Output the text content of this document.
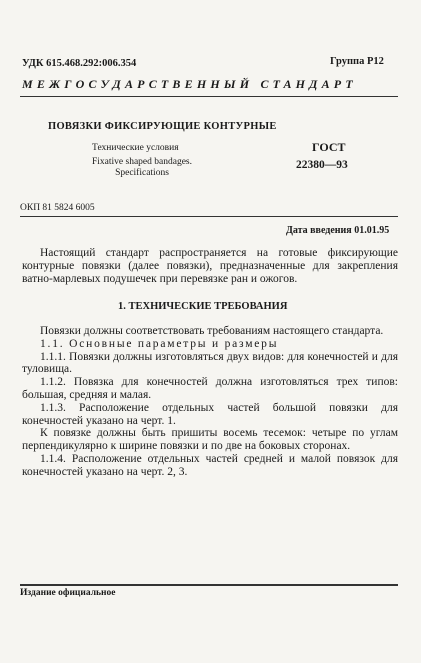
УДК 615.468.292:006.354	Группа Р12
МЕЖГОСУДАРСТВЕННЫЙ СТАНДАРТ
ПОВЯЗКИ ФИКСИРУЮЩИЕ КОНТУРНЫЕ
Технические условия
Fixative shaped bandages. Specifications
ГОСТ
22380—93
ОКП 81 5824 6005
Дата введения 01.01.95

Настоящий стандарт распространяется на готовые фиксирующие контурные повязки (далее повязки), предназначенные для закрепления ватно-марлевых подушечек при перевязке ран и ожогов.

1. ТЕХНИЧЕСКИЕ ТРЕБОВАНИЯ

Повязки должны соответствовать требованиям настоящего стандарта.

1.1. Основные параметры и размеры

1.1.1. Повязки должны изготовляться двух видов: для конечностей и для туловища.

1.1.2. Повязка для конечностей должна изготовляться трех типов: большая, средняя и малая.

1.1.3. Расположение отдельных частей большой повязки для конечностей указано на черт. 1.

К повязке должны быть пришиты восемь тесемок: четыре по углам перпендикулярно к ширине повязки и по две на боковых сторонах.

1.1.4. Расположение отдельных частей средней и малой повязок для конечностей указано на черт. 2, 3.

Издание официальное
